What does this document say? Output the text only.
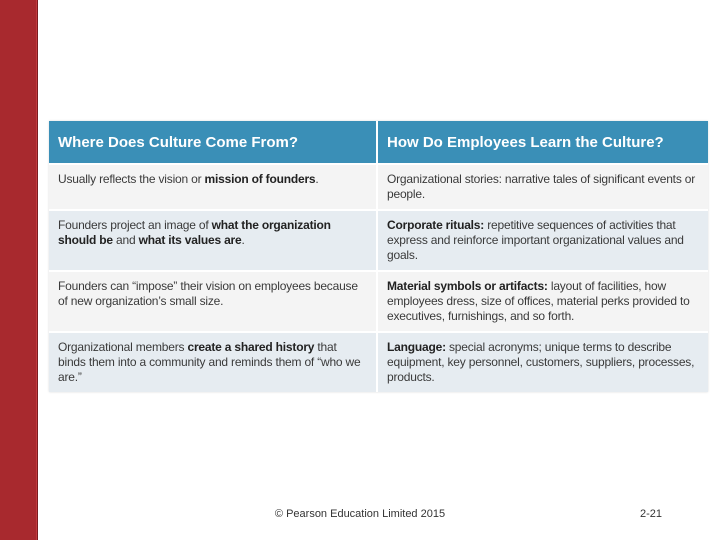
Where Does Culture Come From?	How Do Employees Learn the Culture?
Usually reflects the vision or mission of founders.	Organizational stories: narrative tales of significant events or people.
Founders project an image of what the organization should be and what its values are.	Corporate rituals: repetitive sequences of activities that express and reinforce important organizational values and goals.
Founders can “impose” their vision on employees because of new organization’s small size.	Material symbols or artifacts: layout of facilities, how employees dress, size of offices, material perks provided to executives, furnishings, and so forth.
Organizational members create a shared history that binds them into a community and reminds them of “who we are.”	Language: special acronyms; unique terms to describe equipment, key personnel, customers, suppliers, processes, products.
© Pearson Education Limited 2015	2-21
